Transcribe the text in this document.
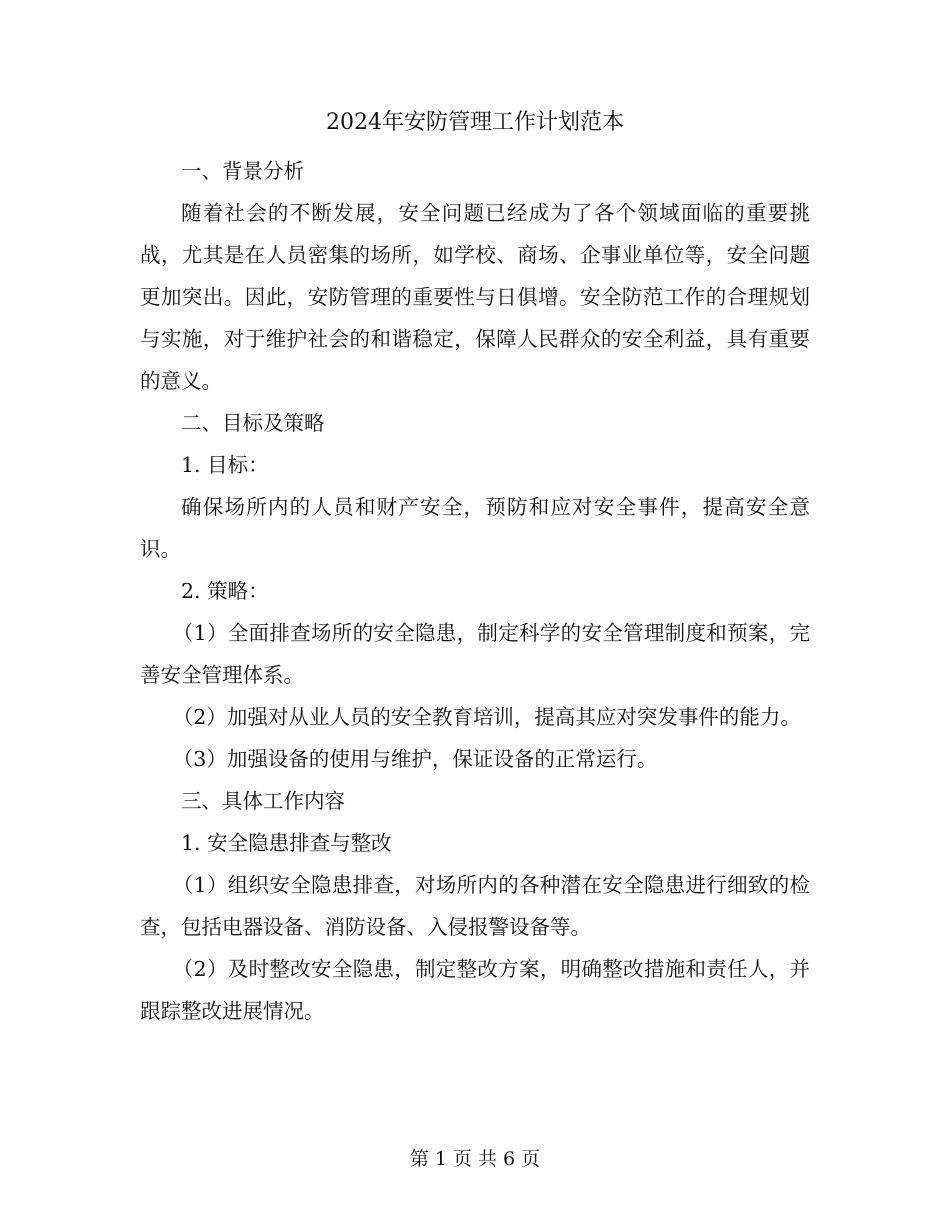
2024年安防管理工作计划范本

一、背景分析

随着社会的不断发展，安全问题已经成为了各个领域面临的重要挑战，尤其是在人员密集的场所，如学校、商场、企事业单位等，安全问题更加突出。因此，安防管理的重要性与日俱增。安全防范工作的合理规划与实施，对于维护社会的和谐稳定，保障人民群众的安全利益，具有重要的意义。

二、目标及策略

1. 目标：

确保场所内的人员和财产安全，预防和应对安全事件，提高安全意识。

2. 策略：

（1）全面排查场所的安全隐患，制定科学的安全管理制度和预案，完善安全管理体系。

（2）加强对从业人员的安全教育培训，提高其应对突发事件的能力。

（3）加强设备的使用与维护，保证设备的正常运行。

三、具体工作内容

1. 安全隐患排查与整改

（1）组织安全隐患排查，对场所内的各种潜在安全隐患进行细致的检查，包括电器设备、消防设备、入侵报警设备等。

（2）及时整改安全隐患，制定整改方案，明确整改措施和责任人，并跟踪整改进展情况。

第 1 页 共 6 页
